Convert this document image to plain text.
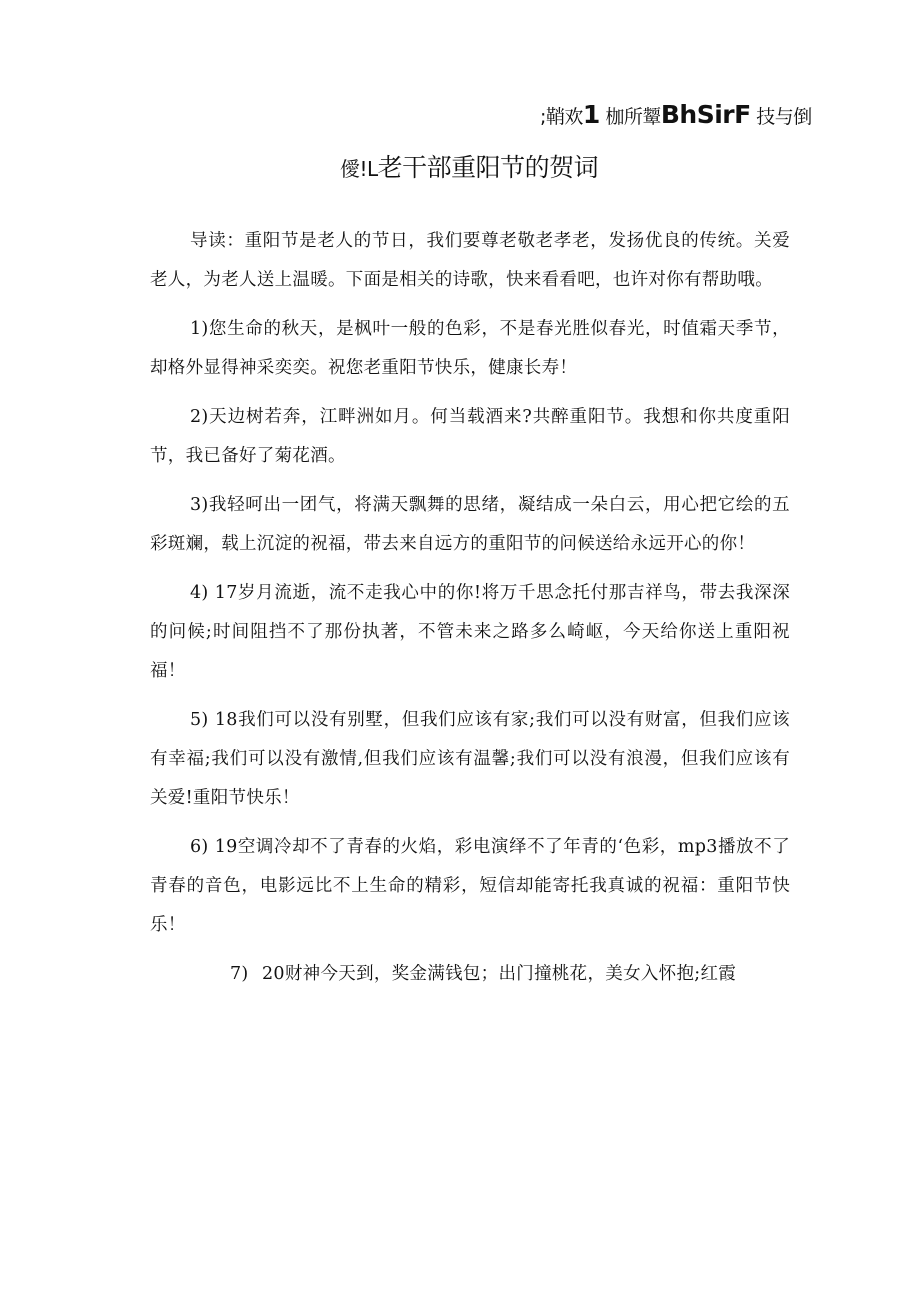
;鞘欢1 枷所颦BhSirF 技与倒
僾!L老干部重阳节的贺词

导读：重阳节是老人的节日，我们要尊老敬老孝老，发扬优良的传统。关爱老人，为老人送上温暖。下面是相关的诗歌，快来看看吧，也许对你有帮助哦。

1)您生命的秋天，是枫叶一般的色彩，不是春光胜似春光，时值霜天季节，却格外显得神采奕奕。祝您老重阳节快乐，健康长寿！

2)天边树若奔，江畔洲如月。何当载酒来?共醉重阳节。我想和你共度重阳节，我已备好了菊花酒。

3)我轻呵出一团气，将满天飘舞的思绪，凝结成一朵白云，用心把它绘的五彩斑斓，载上沉淀的祝福，带去来自远方的重阳节的问候送给永远开心的你！

4) 17岁月流逝，流不走我心中的你!将万千思念托付那吉祥鸟，带去我深深的问候;时间阻挡不了那份执著，不管未来之路多么崎岖，今天给你送上重阳祝福！

5) 18我们可以没有别墅，但我们应该有家;我们可以没有财富，但我们应该有幸福;我们可以没有激情,但我们应该有温馨;我们可以没有浪漫，但我们应该有关爱!重阳节快乐！

6) 19空调冷却不了青春的火焰，彩电演绎不了年青的‘色彩，mp3播放不了青春的音色，电影远比不上生命的精彩，短信却能寄托我真诚的祝福：重阳节快乐！

7) 20财神今天到，奖金满钱包；出门撞桃花，美女入怀抱;红霞
